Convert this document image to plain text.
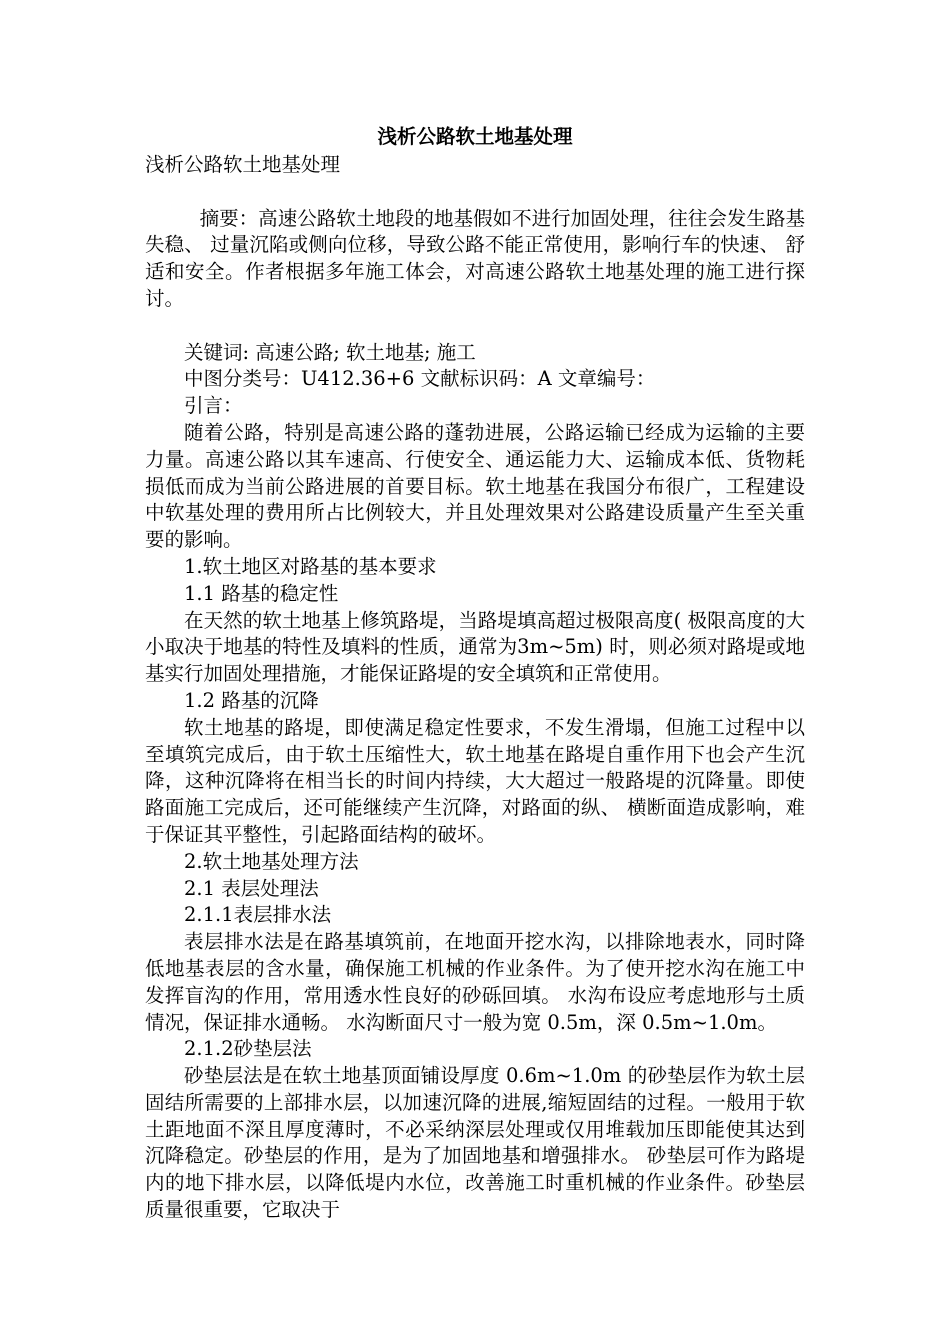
浅析公路软土地基处理

浅析公路软土地基处理

摘要：高速公路软土地段的地基假如不进行加固处理，往往会发生路基失稳、 过量沉陷或侧向位移，导致公路不能正常使用，影响行车的快速、 舒适和安全。作者根据多年施工体会，对高速公路软土地基处理的施工进行探讨。

关键词: 高速公路; 软土地基; 施工

中图分类号：U412.36+6 文献标识码：A 文章编号：

引言：

随着公路，特别是高速公路的蓬勃进展，公路运输已经成为运输的主要力量。高速公路以其车速高、行使安全、通运能力大、运输成本低、货物耗损低而成为当前公路进展的首要目标。软土地基在我国分布很广，工程建设中软基处理的费用所占比例较大，并且处理效果对公路建设质量产生至关重要的影响。

1.软土地区对路基的基本要求

1.1 路基的稳定性

在天然的软土地基上修筑路堤，当路堤填高超过极限高度( 极限高度的大小取决于地基的特性及填料的性质，通常为3m~5m) 时，则必须对路堤或地基实行加固处理措施，才能保证路堤的安全填筑和正常使用。

1.2 路基的沉降

软土地基的路堤，即使满足稳定性要求，不发生滑塌，但施工过程中以至填筑完成后，由于软土压缩性大，软土地基在路堤自重作用下也会产生沉降，这种沉降将在相当长的时间内持续，大大超过一般路堤的沉降量。即使路面施工完成后，还可能继续产生沉降，对路面的纵、 横断面造成影响，难于保证其平整性，引起路面结构的破坏。

2.软土地基处理方法

2.1 表层处理法

2.1.1表层排水法

表层排水法是在路基填筑前，在地面开挖水沟，以排除地表水，同时降低地基表层的含水量，确保施工机械的作业条件。为了使开挖水沟在施工中发挥盲沟的作用，常用透水性良好的砂砾回填。 水沟布设应考虑地形与土质情况，保证排水通畅。 水沟断面尺寸一般为宽 0.5m，深 0.5m~1.0m。

2.1.2砂垫层法

砂垫层法是在软土地基顶面铺设厚度 0.6m~1.0m 的砂垫层作为软土层固结所需要的上部排水层，以加速沉降的进展,缩短固结的过程。一般用于软土距地面不深且厚度薄时，不必采纳深层处理或仅用堆载加压即能使其达到沉降稳定。砂垫层的作用，是为了加固地基和增强排水。 砂垫层可作为路堤内的地下排水层，以降低堤内水位，改善施工时重机械的作业条件。砂垫层质量很重要，它取决于
